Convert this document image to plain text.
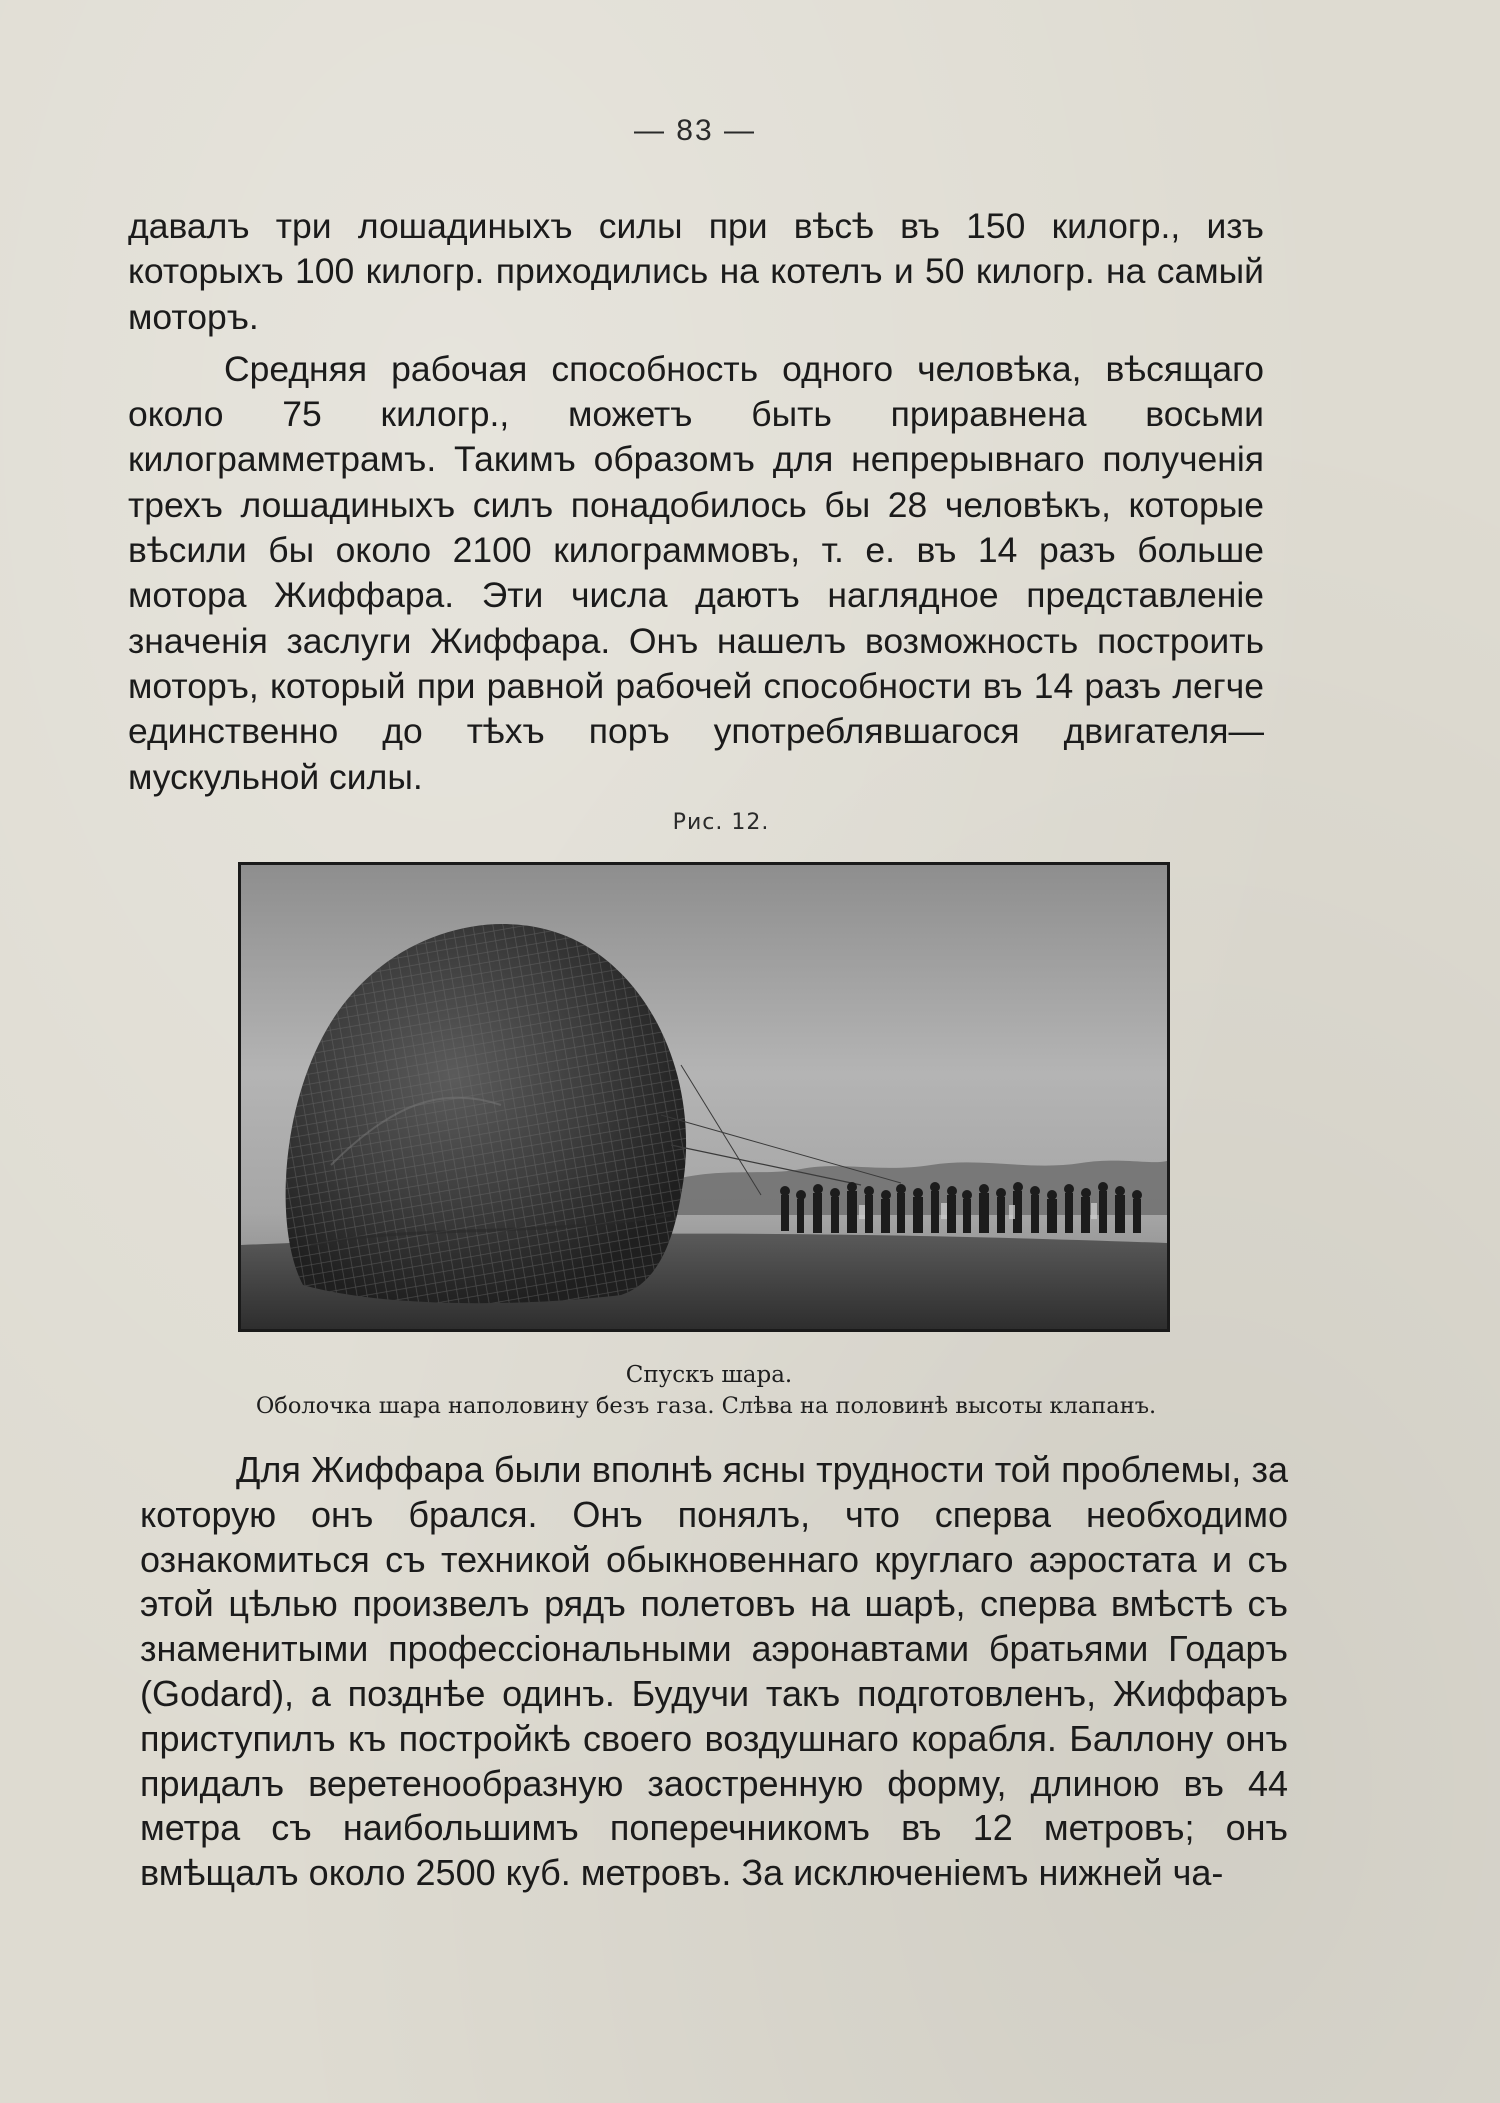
— 83 —

давалъ три лошадиныхъ силы при вѣсѣ въ 150 килогр., изъ которыхъ 100 килогр. приходились на котелъ и 50 килогр. на самый моторъ.

Средняя рабочая способность одного человѣка, вѣсящаго около 75 килогр., можетъ быть приравнена восьми килограмметрамъ. Такимъ образомъ для непрерывнаго полученія трехъ лошадиныхъ силъ понадобилось бы 28 человѣкъ, которые вѣсили бы около 2100 килограммовъ, т. е. въ 14 разъ больше мотора Жиффара. Эти числа даютъ наглядное представленіе значенія заслуги Жиффара. Онъ нашелъ возможность построить моторъ, который при равной рабочей способности въ 14 разъ легче единственно до тѣхъ поръ употреблявшагося двигателя—мускульной силы.

Рис. 12.
Спускъ шара.
Оболочка шара наполовину безъ газа. Слѣва на половинѣ высоты клапанъ.

Для Жиффара были вполнѣ ясны трудности той проблемы, за которую онъ брался. Онъ понялъ, что сперва необходимо ознакомиться съ техникой обыкновеннаго круглаго аэростата и съ этой цѣлью произвелъ рядъ полетовъ на шарѣ, сперва вмѣстѣ съ знаменитыми профессіональными аэронавтами братьями Годаръ (Godard), а позднѣе одинъ. Будучи такъ подготовленъ, Жиффаръ приступилъ къ постройкѣ своего воздушнаго корабля. Баллону онъ придалъ веретенообразную заостренную форму, длиною въ 44 метра съ наибольшимъ поперечникомъ въ 12 метровъ; онъ вмѣщалъ около 2500 куб. метровъ. За исключеніемъ нижней ча-
